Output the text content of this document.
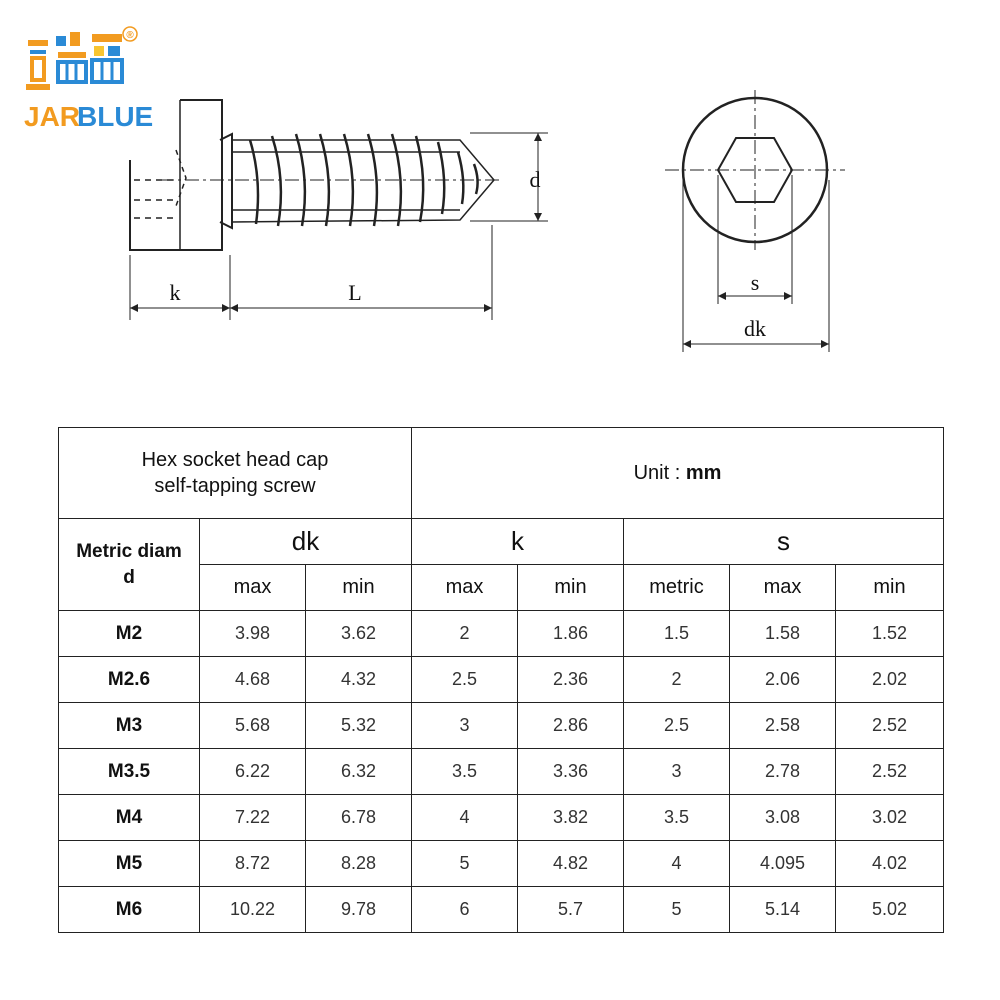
®
JAR
BLUE
k	L
d
s
dk
Hex socket head cap
self-tapping screw			Unit : mm				

Metric diam
d	dk		k		s		
	max	min	max	min	metric	max	min
M2	3.98	3.62	2	1.86	1.5	1.58	1.52
M2.6	4.68	4.32	2.5	2.36	2	2.06	2.02
M3	5.68	5.32	3	2.86	2.5	2.58	2.52
M3.5	6.22	6.32	3.5	3.36	3	2.78	2.52
M4	7.22	6.78	4	3.82	3.5	3.08	3.02
M5	8.72	8.28	5	4.82	4	4.095	4.02
M6	10.22	9.78	6	5.7	5	5.14	5.02
